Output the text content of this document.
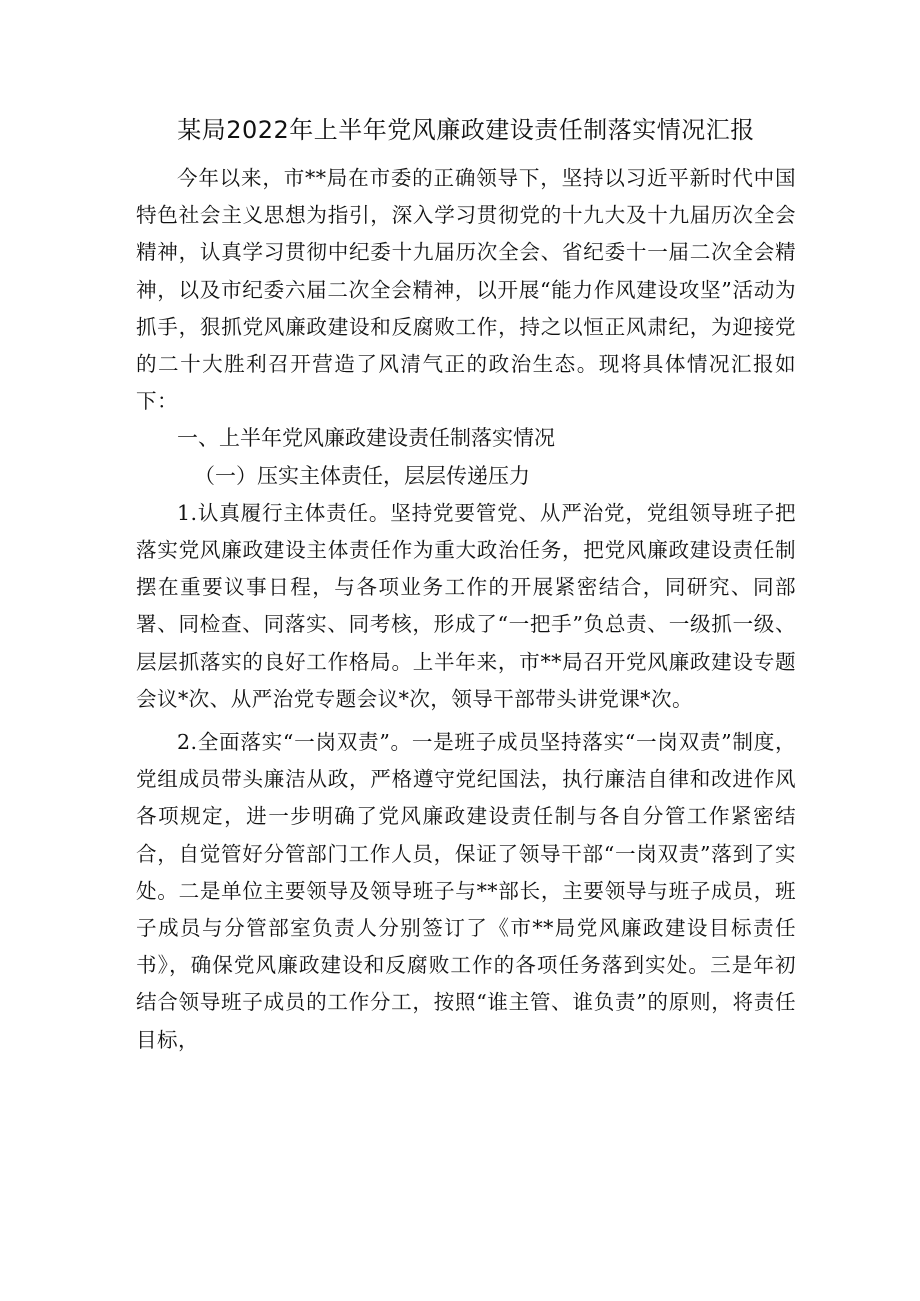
某局2022年上半年党风廉政建设责任制落实情况汇报

今年以来，市**局在市委的正确领导下，坚持以习近平新时代中国特色社会主义思想为指引，深入学习贯彻党的十九大及十九届历次全会精神，认真学习贯彻中纪委十九届历次全会、省纪委十一届二次全会精神，以及市纪委六届二次全会精神，以开展“能力作风建设攻坚”活动为抓手，狠抓党风廉政建设和反腐败工作，持之以恒正风肃纪，为迎接党的二十大胜利召开营造了风清气正的政治生态。现将具体情况汇报如下：

一、上半年党风廉政建设责任制落实情况

（一）压实主体责任，层层传递压力

1.认真履行主体责任。坚持党要管党、从严治党，党组领导班子把落实党风廉政建设主体责任作为重大政治任务，把党风廉政建设责任制摆在重要议事日程，与各项业务工作的开展紧密结合，同研究、同部署、同检查、同落实、同考核，形成了“一把手”负总责、一级抓一级、层层抓落实的良好工作格局。上半年来，市**局召开党风廉政建设专题会议*次、从严治党专题会议*次，领导干部带头讲党课*次。

2.全面落实“一岗双责”。一是班子成员坚持落实“一岗双责”制度，党组成员带头廉洁从政，严格遵守党纪国法，执行廉洁自律和改进作风各项规定，进一步明确了党风廉政建设责任制与各自分管工作紧密结合，自觉管好分管部门工作人员，保证了领导干部“一岗双责”落到了实处。二是单位主要领导及领导班子与**部长，主要领导与班子成员，班子成员与分管部室负责人分别签订了《市**局党风廉政建设目标责任书》，确保党风廉政建设和反腐败工作的各项任务落到实处。三是年初结合领导班子成员的工作分工，按照“谁主管、谁负责”的原则，将责任目标，
